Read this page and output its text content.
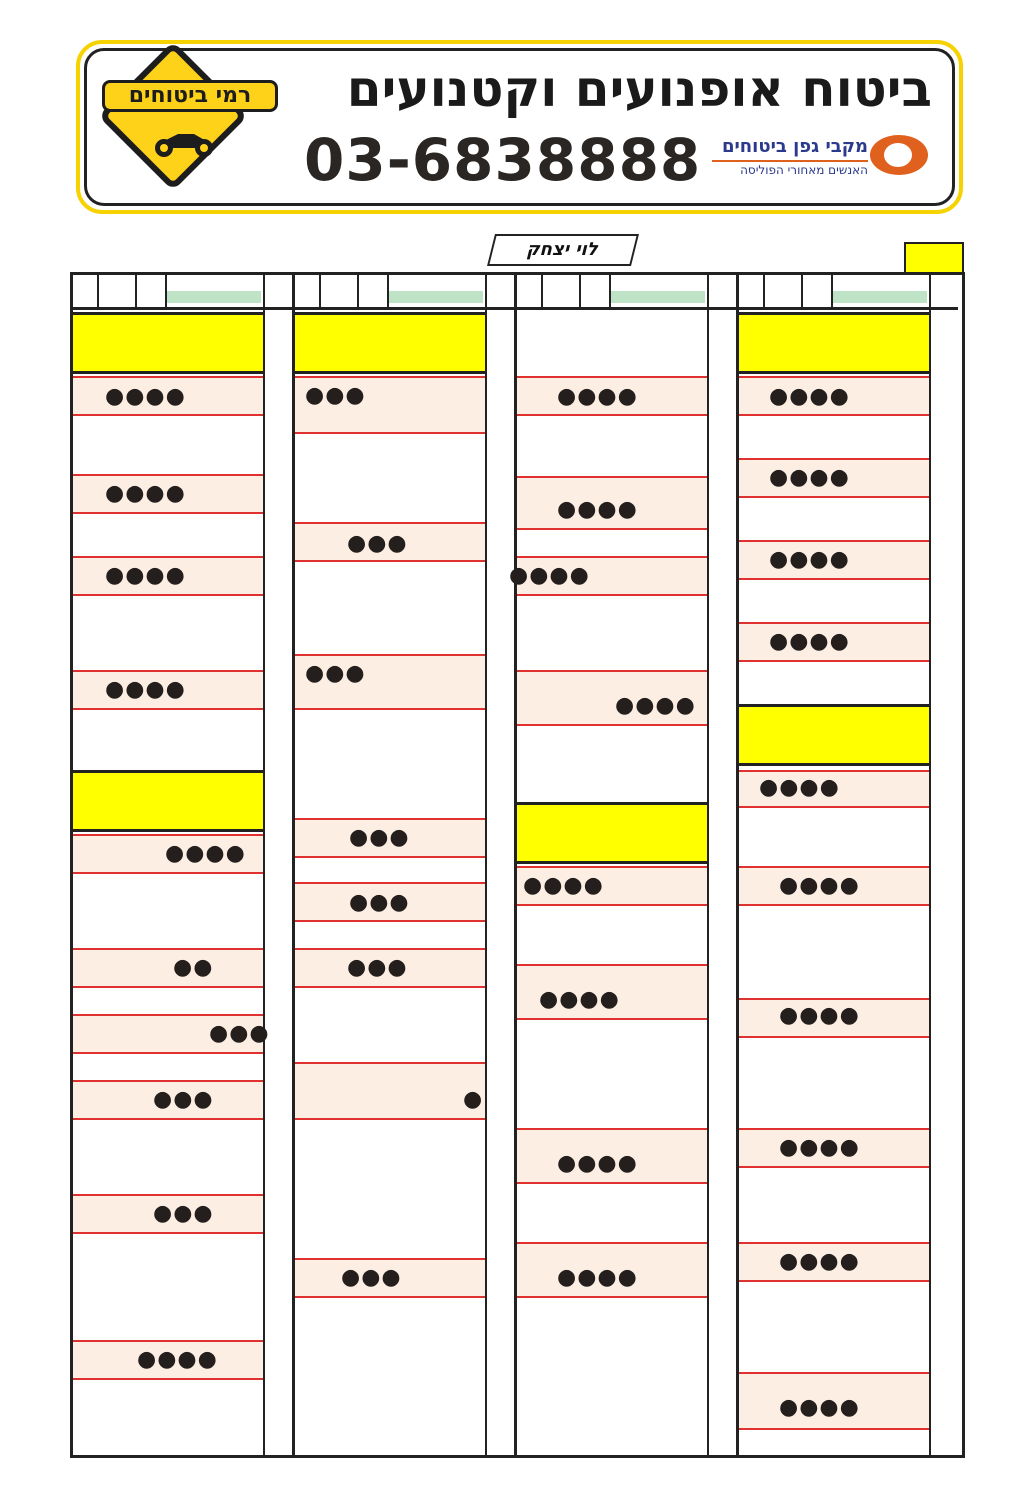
רמי ביטוחים	ביטוח אופנועים וקטנועים
03-6838888	מקבי גפן ביטוחים
האנשים מאחורי הפוליסה
לוי יצחק
●●●●
●●●●
●●●●
●●●●
●●●●
●●
●●●
●●●
●●●
●●●●
●●●
●●●
●●●
●●●
●●●
●●●
●
●●●
●●●●
●●●●
●●●●
●●●●
●●●●
●●●●
●●●●
●●●●
●●●●
●●●●
●●●●
●●●●
●●●●
●●●●
●●●●
●●●●
●●●●
●●●●
